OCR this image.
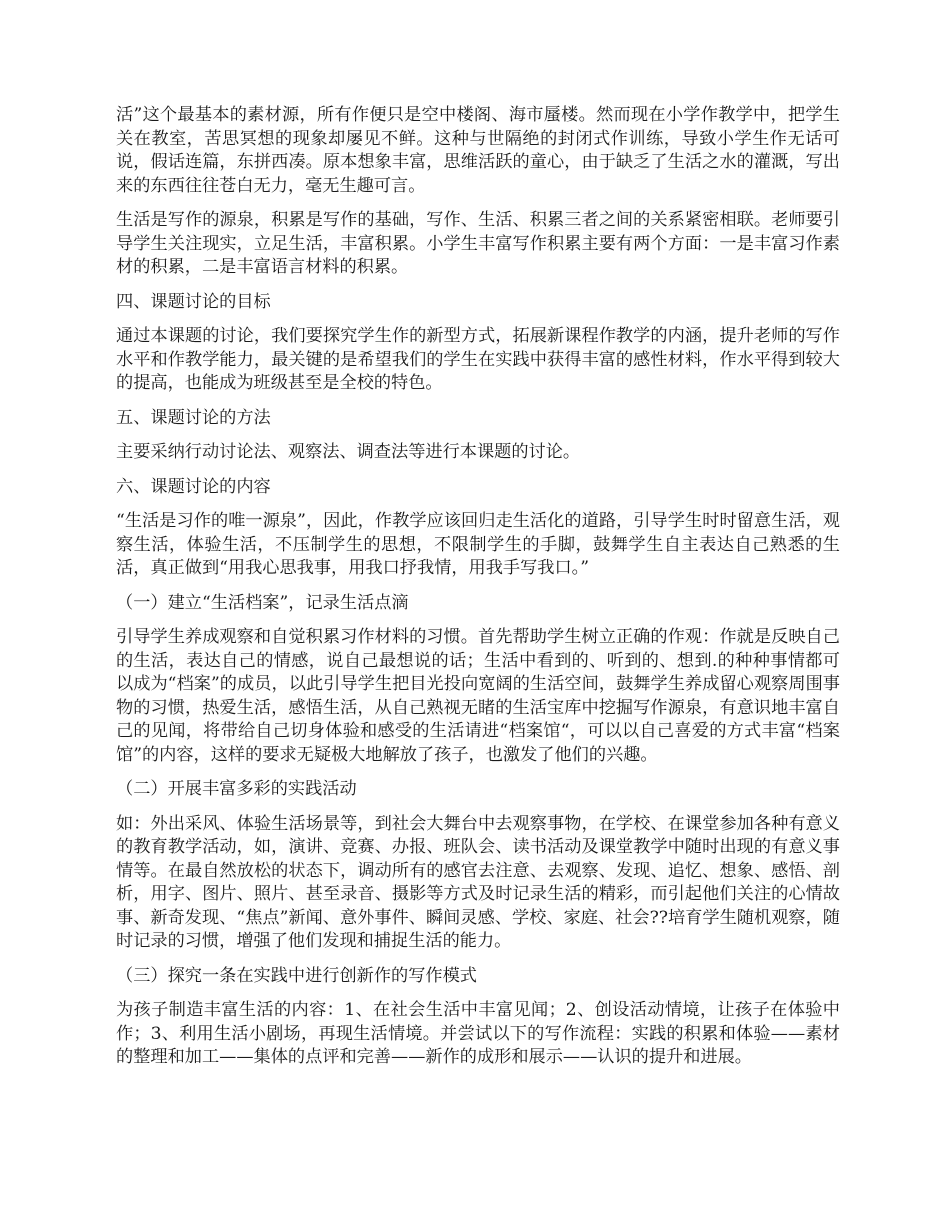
活”这个最基本的素材源，所有作便只是空中楼阁、海市蜃楼。然而现在小学作教学中，把学生关在教室，苦思冥想的现象却屡见不鲜。这种与世隔绝的封闭式作训练，导致小学生作无话可说，假话连篇，东拼西凑。原本想象丰富，思维活跃的童心，由于缺乏了生活之水的灌溉，写出来的东西往往苍白无力，毫无生趣可言。

生活是写作的源泉，积累是写作的基础，写作、生活、积累三者之间的关系紧密相联。老师要引导学生关注现实，立足生活，丰富积累。小学生丰富写作积累主要有两个方面：一是丰富习作素材的积累，二是丰富语言材料的积累。

四、课题讨论的目标

通过本课题的讨论，我们要探究学生作的新型方式，拓展新课程作教学的内涵，提升老师的写作水平和作教学能力，最关键的是希望我们的学生在实践中获得丰富的感性材料，作水平得到较大的提高，也能成为班级甚至是全校的特色。

五、课题讨论的方法

主要采纳行动讨论法、观察法、调查法等进行本课题的讨论。

六、课题讨论的内容

“生活是习作的唯一源泉”，因此，作教学应该回归走生活化的道路，引导学生时时留意生活，观察生活，体验生活，不压制学生的思想，不限制学生的手脚，鼓舞学生自主表达自己熟悉的生活，真正做到“用我心思我事，用我口抒我情，用我手写我口。”

（一）建立“生活档案”，记录生活点滴

引导学生养成观察和自觉积累习作材料的习惯。首先帮助学生树立正确的作观：作就是反映自己的生活，表达自己的情感，说自己最想说的话；生活中看到的、听到的、想到.的种种事情都可以成为“档案”的成员，以此引导学生把目光投向宽阔的生活空间，鼓舞学生养成留心观察周围事物的习惯，热爱生活，感悟生活，从自己熟视无睹的生活宝库中挖掘写作源泉，有意识地丰富自己的见闻，将带给自己切身体验和感受的生活请进“档案馆“，可以以自己喜爱的方式丰富“档案馆”的内容，这样的要求无疑极大地解放了孩子，也激发了他们的兴趣。

（二）开展丰富多彩的实践活动

如：外出采风、体验生活场景等，到社会大舞台中去观察事物，在学校、在课堂参加各种有意义的教育教学活动，如，演讲、竞赛、办报、班队会、读书活动及课堂教学中随时出现的有意义事情等。在最自然放松的状态下，调动所有的感官去注意、去观察、发现、追忆、想象、感悟、剖析，用字、图片、照片、甚至录音、摄影等方式及时记录生活的精彩，而引起他们关注的心情故事、新奇发现、“焦点”新闻、意外事件、瞬间灵感、学校、家庭、社会??培育学生随机观察，随时记录的习惯，增强了他们发现和捕捉生活的能力。

（三）探究一条在实践中进行创新作的写作模式

为孩子制造丰富生活的内容：1、在社会生活中丰富见闻；2、创设活动情境，让孩子在体验中作；3、利用生活小剧场，再现生活情境。并尝试以下的写作流程：实践的积累和体验——素材的整理和加工——集体的点评和完善——新作的成形和展示——认识的提升和进展。
